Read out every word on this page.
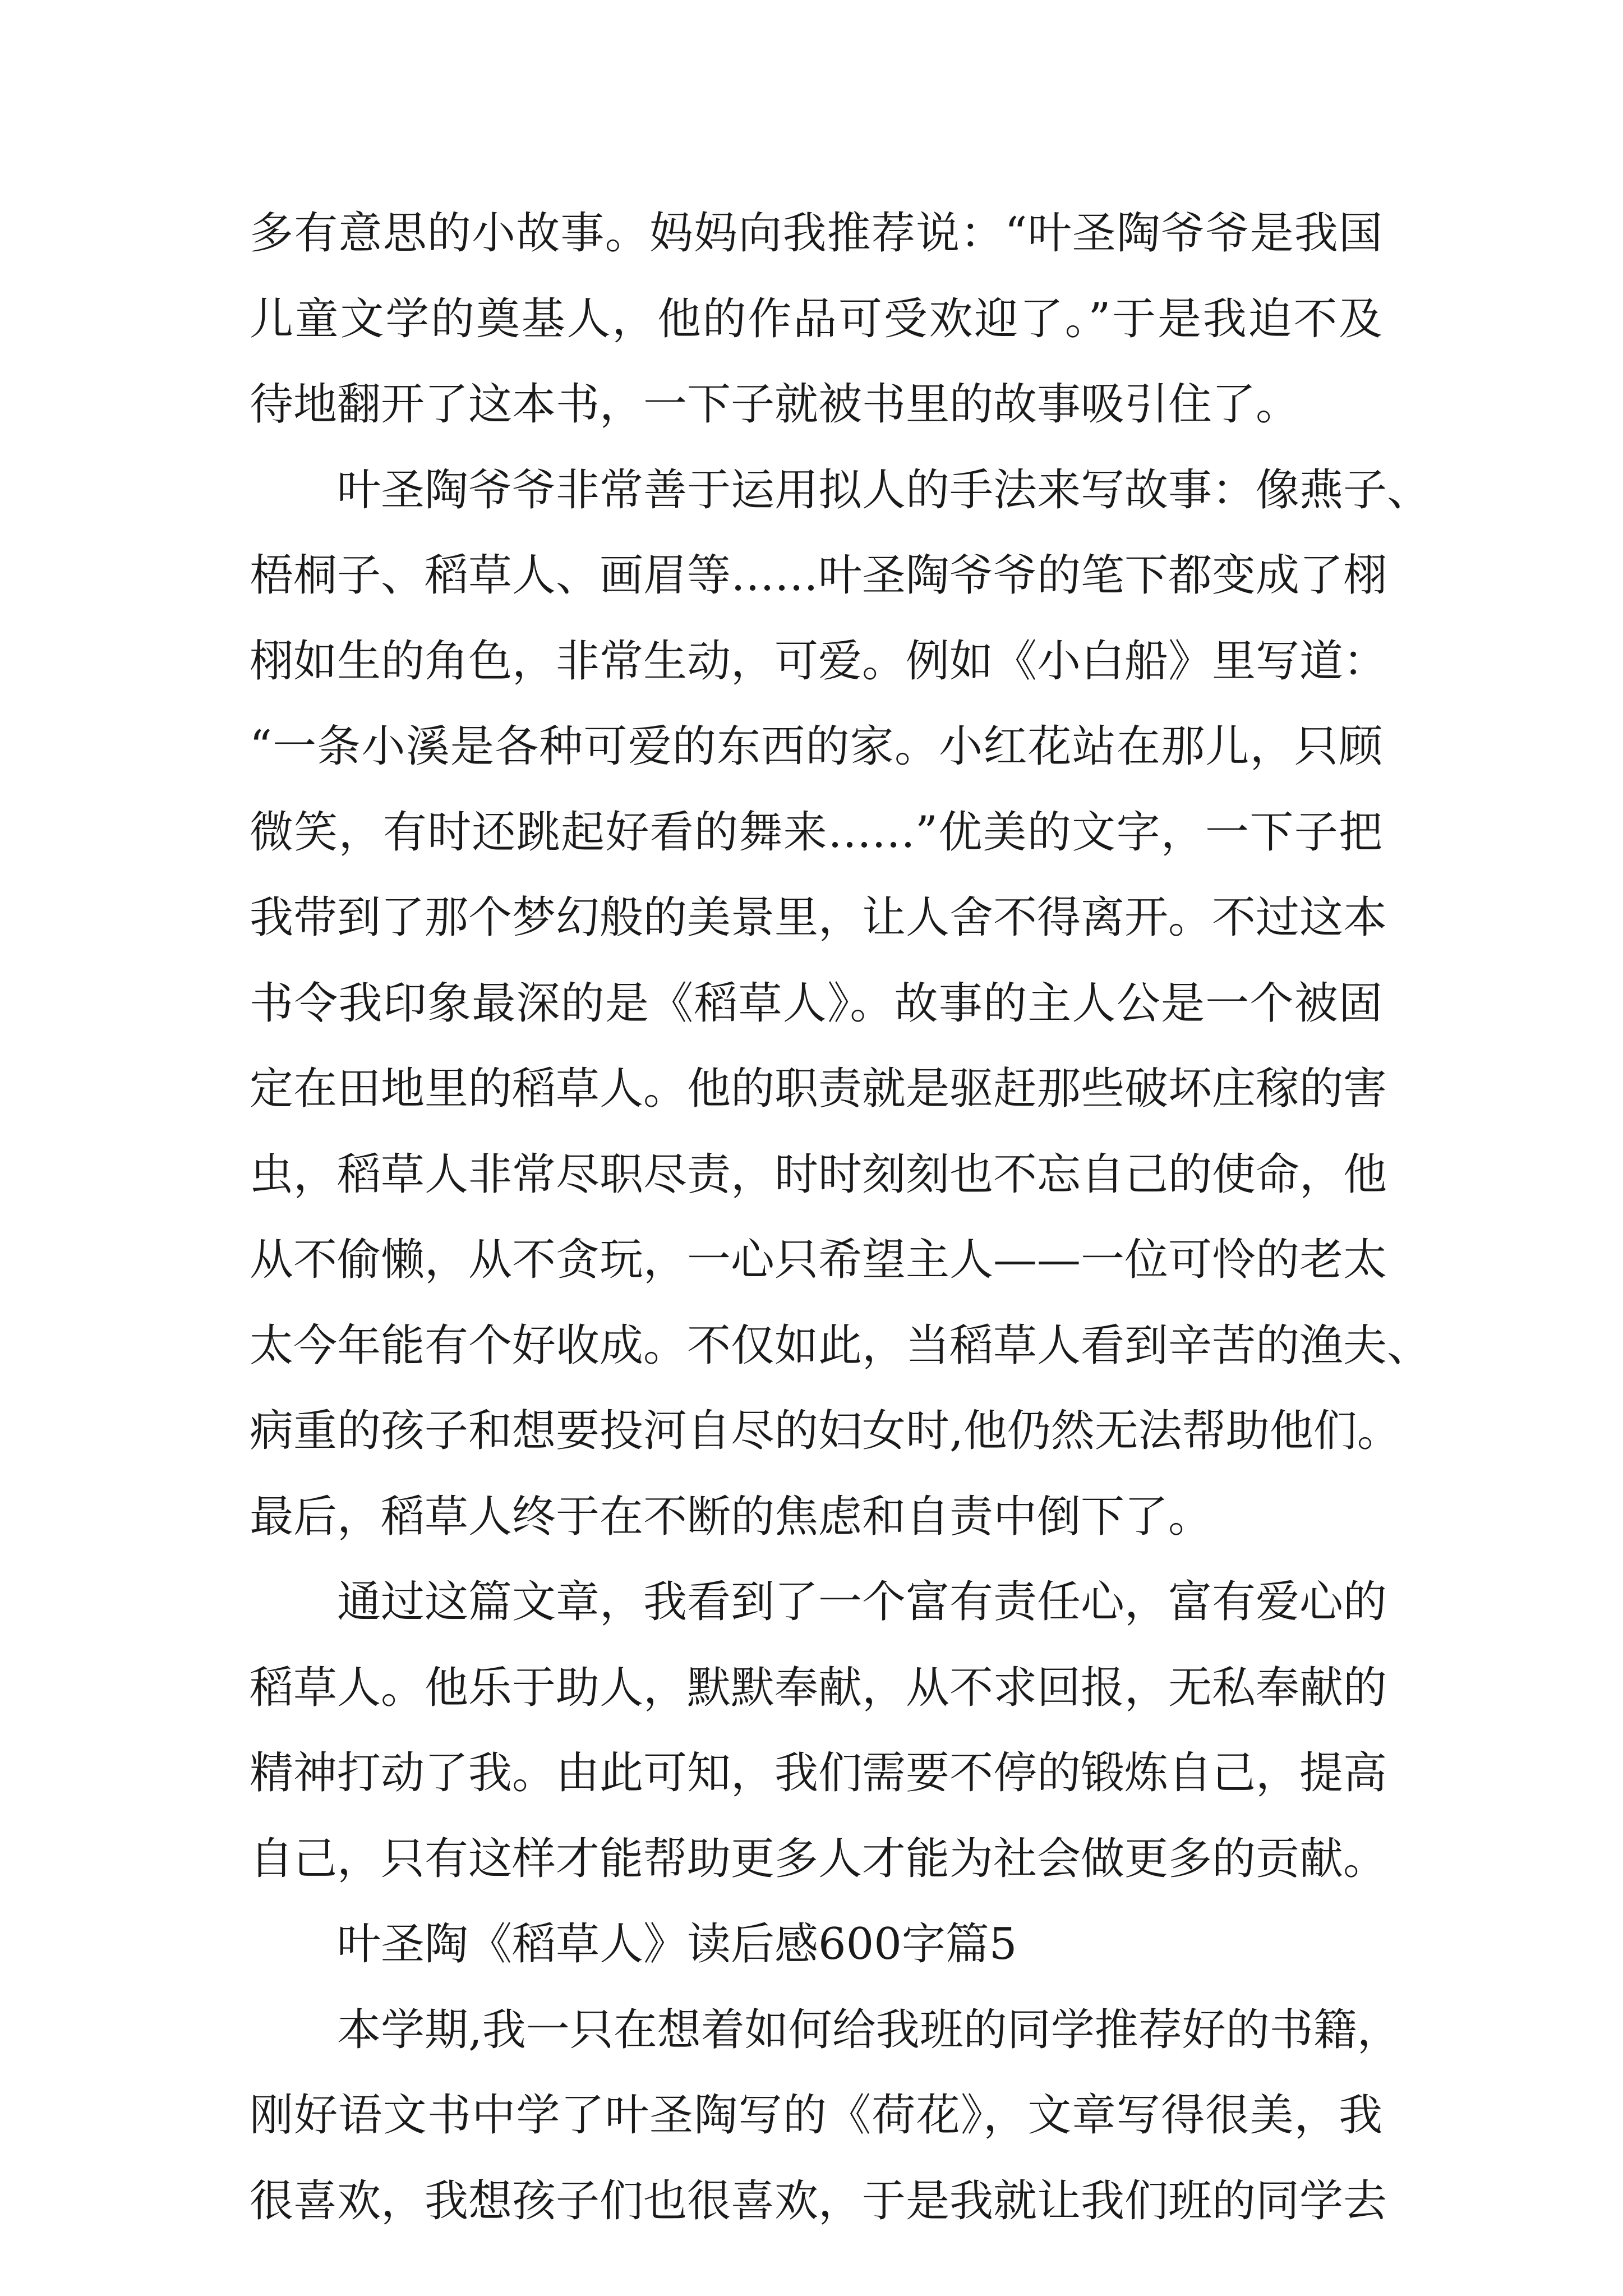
多有意思的小故事。妈妈向我推荐说：“叶圣陶爷爷是我国
儿童文学的奠基人，他的作品可受欢迎了。”于是我迫不及
待地翻开了这本书，一下子就被书里的故事吸引住了。
叶圣陶爷爷非常善于运用拟人的手法来写故事：像燕子、
梧桐子、稻草人、画眉等……叶圣陶爷爷的笔下都变成了栩
栩如生的角色，非常生动，可爱。例如《小白船》里写道：
“一条小溪是各种可爱的东西的家。小红花站在那儿，只顾
微笑，有时还跳起好看的舞来……”优美的文字，一下子把
我带到了那个梦幻般的美景里，让人舍不得离开。不过这本
书令我印象最深的是《稻草人》。故事的主人公是一个被固
定在田地里的稻草人。他的职责就是驱赶那些破坏庄稼的害
虫，稻草人非常尽职尽责，时时刻刻也不忘自己的使命，他
从不偷懒，从不贪玩，一心只希望主人——一位可怜的老太
太今年能有个好收成。不仅如此，当稻草人看到辛苦的渔夫、
病重的孩子和想要投河自尽的妇女时,他仍然无法帮助他们。
最后，稻草人终于在不断的焦虑和自责中倒下了。
通过这篇文章，我看到了一个富有责任心，富有爱心的
稻草人。他乐于助人，默默奉献，从不求回报，无私奉献的
精神打动了我。由此可知，我们需要不停的锻炼自己，提高
自己，只有这样才能帮助更多人才能为社会做更多的贡献。
叶圣陶《稻草人》读后感600字篇5
本学期,我一只在想着如何给我班的同学推荐好的书籍，
刚好语文书中学了叶圣陶写的《荷花》，文章写得很美，我
很喜欢，我想孩子们也很喜欢，于是我就让我们班的同学去
